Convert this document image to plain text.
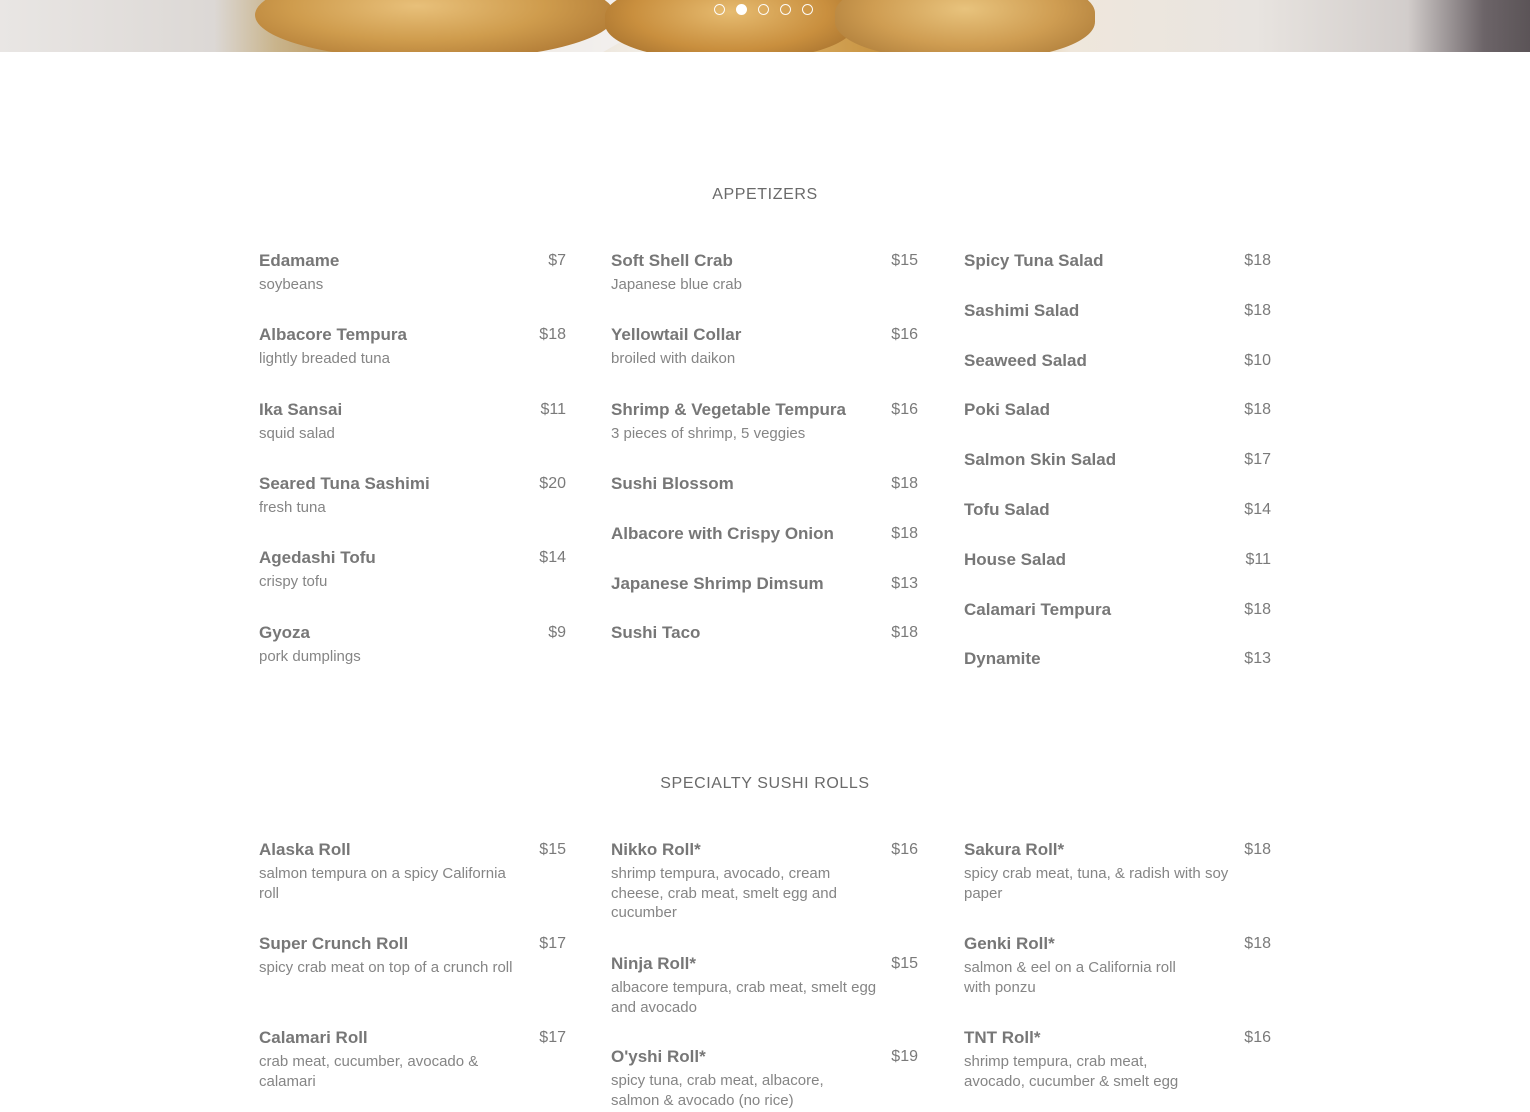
APPETIZERS
Edamame	$7
soybeans
Albacore Tempura	$18
lightly breaded tuna
Ika Sansai	$11
squid salad
Seared Tuna Sashimi	$20
fresh tuna
Agedashi Tofu	$14
crispy tofu
Gyoza	$9
pork dumplings
Soft Shell Crab	$15
Japanese blue crab
Yellowtail Collar	$16
broiled with daikon
Shrimp & Vegetable Tempura	$16
3 pieces of shrimp, 5 veggies
Sushi Blossom	$18
Albacore with Crispy Onion	$18
Japanese Shrimp Dimsum	$13
Sushi Taco	$18
Spicy Tuna Salad	$18
Sashimi Salad	$18
Seaweed Salad	$10
Poki Salad	$18
Salmon Skin Salad	$17
Tofu Salad	$14
House Salad	$11
Calamari Tempura	$18
Dynamite	$13
SPECIALTY SUSHI ROLLS
Alaska Roll	$15
salmon tempura on a spicy California roll
Super Crunch Roll	$17
spicy crab meat on top of a crunch roll
Calamari Roll	$17
crab meat, cucumber, avocado & calamari
Nikko Roll*	$16
shrimp tempura, avocado, cream cheese, crab meat, smelt egg and cucumber
Ninja Roll*	$15
albacore tempura, crab meat, smelt egg and avocado
O'yshi Roll*	$19
spicy tuna, crab meat, albacore, salmon & avocado (no rice)
Sakura Roll*	$18
spicy crab meat, tuna, & radish with soy paper
Genki Roll*	$18
salmon & eel on a California roll with ponzu
TNT Roll*	$16
shrimp tempura, crab meat, avocado, cucumber & smelt egg
